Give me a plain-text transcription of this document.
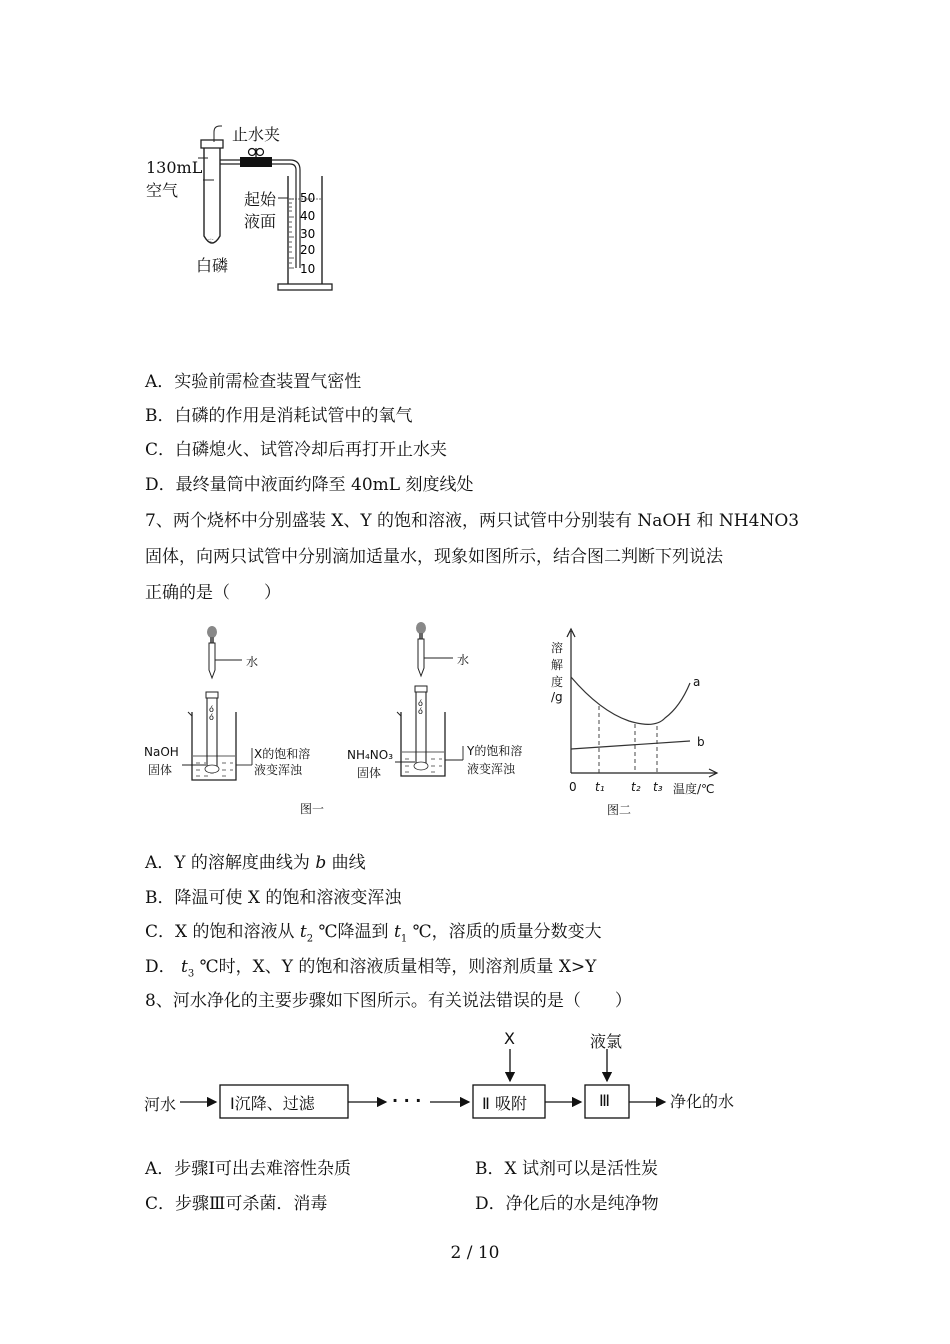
·:·
50
40
30
20
10
止水夹
130mL
空气	起始
液面
白磷
A．实验前需检查装置气密性
B．白磷的作用是消耗试管中的氧气
C．白磷熄火、试管冷却后再打开止水夹
D．最终量筒中液面约降至 40mL 刻度线处
7、两个烧杯中分别盛装 X、Y 的饱和溶液，两只试管中分别装有 NaOH 和 NH4NO3
固体，向两只试管中分别滴加适量水，现象如图所示，结合图二判断下列说法
正确的是（　　）
ó
ó
水
NaOH
固体
X的饱和溶
液变浑浊
图一
ó
ó
水
NH₄NO₃
固体
Y的饱和溶
液变浑浊
溶
解
度
/g
a
b
0 t₁ t₂ t₃ 温度/℃
图二
A．Y 的溶解度曲线为 b 曲线
B．降温可使 X 的饱和溶液变浑浊
C．X 的饱和溶液从 $t_2$ ℃降温到 $t_1$ ℃，溶质的质量分数变大
D． $t_3$ ℃时，X、Y 的饱和溶液质量相等，则溶剂质量 X>Y
8、河水净化的主要步骤如下图所示。有关说法错误的是（　　）
河水	Ⅰ沉降、过滤	· · ·	Ⅱ 吸附	Ⅲ
X	液氯
净化的水
A．步骤Ⅰ可出去难溶性杂质	B．X 试剂可以是活性炭
C．步骤Ⅲ可杀菌．消毒	D．净化后的水是纯净物
2 / 10
